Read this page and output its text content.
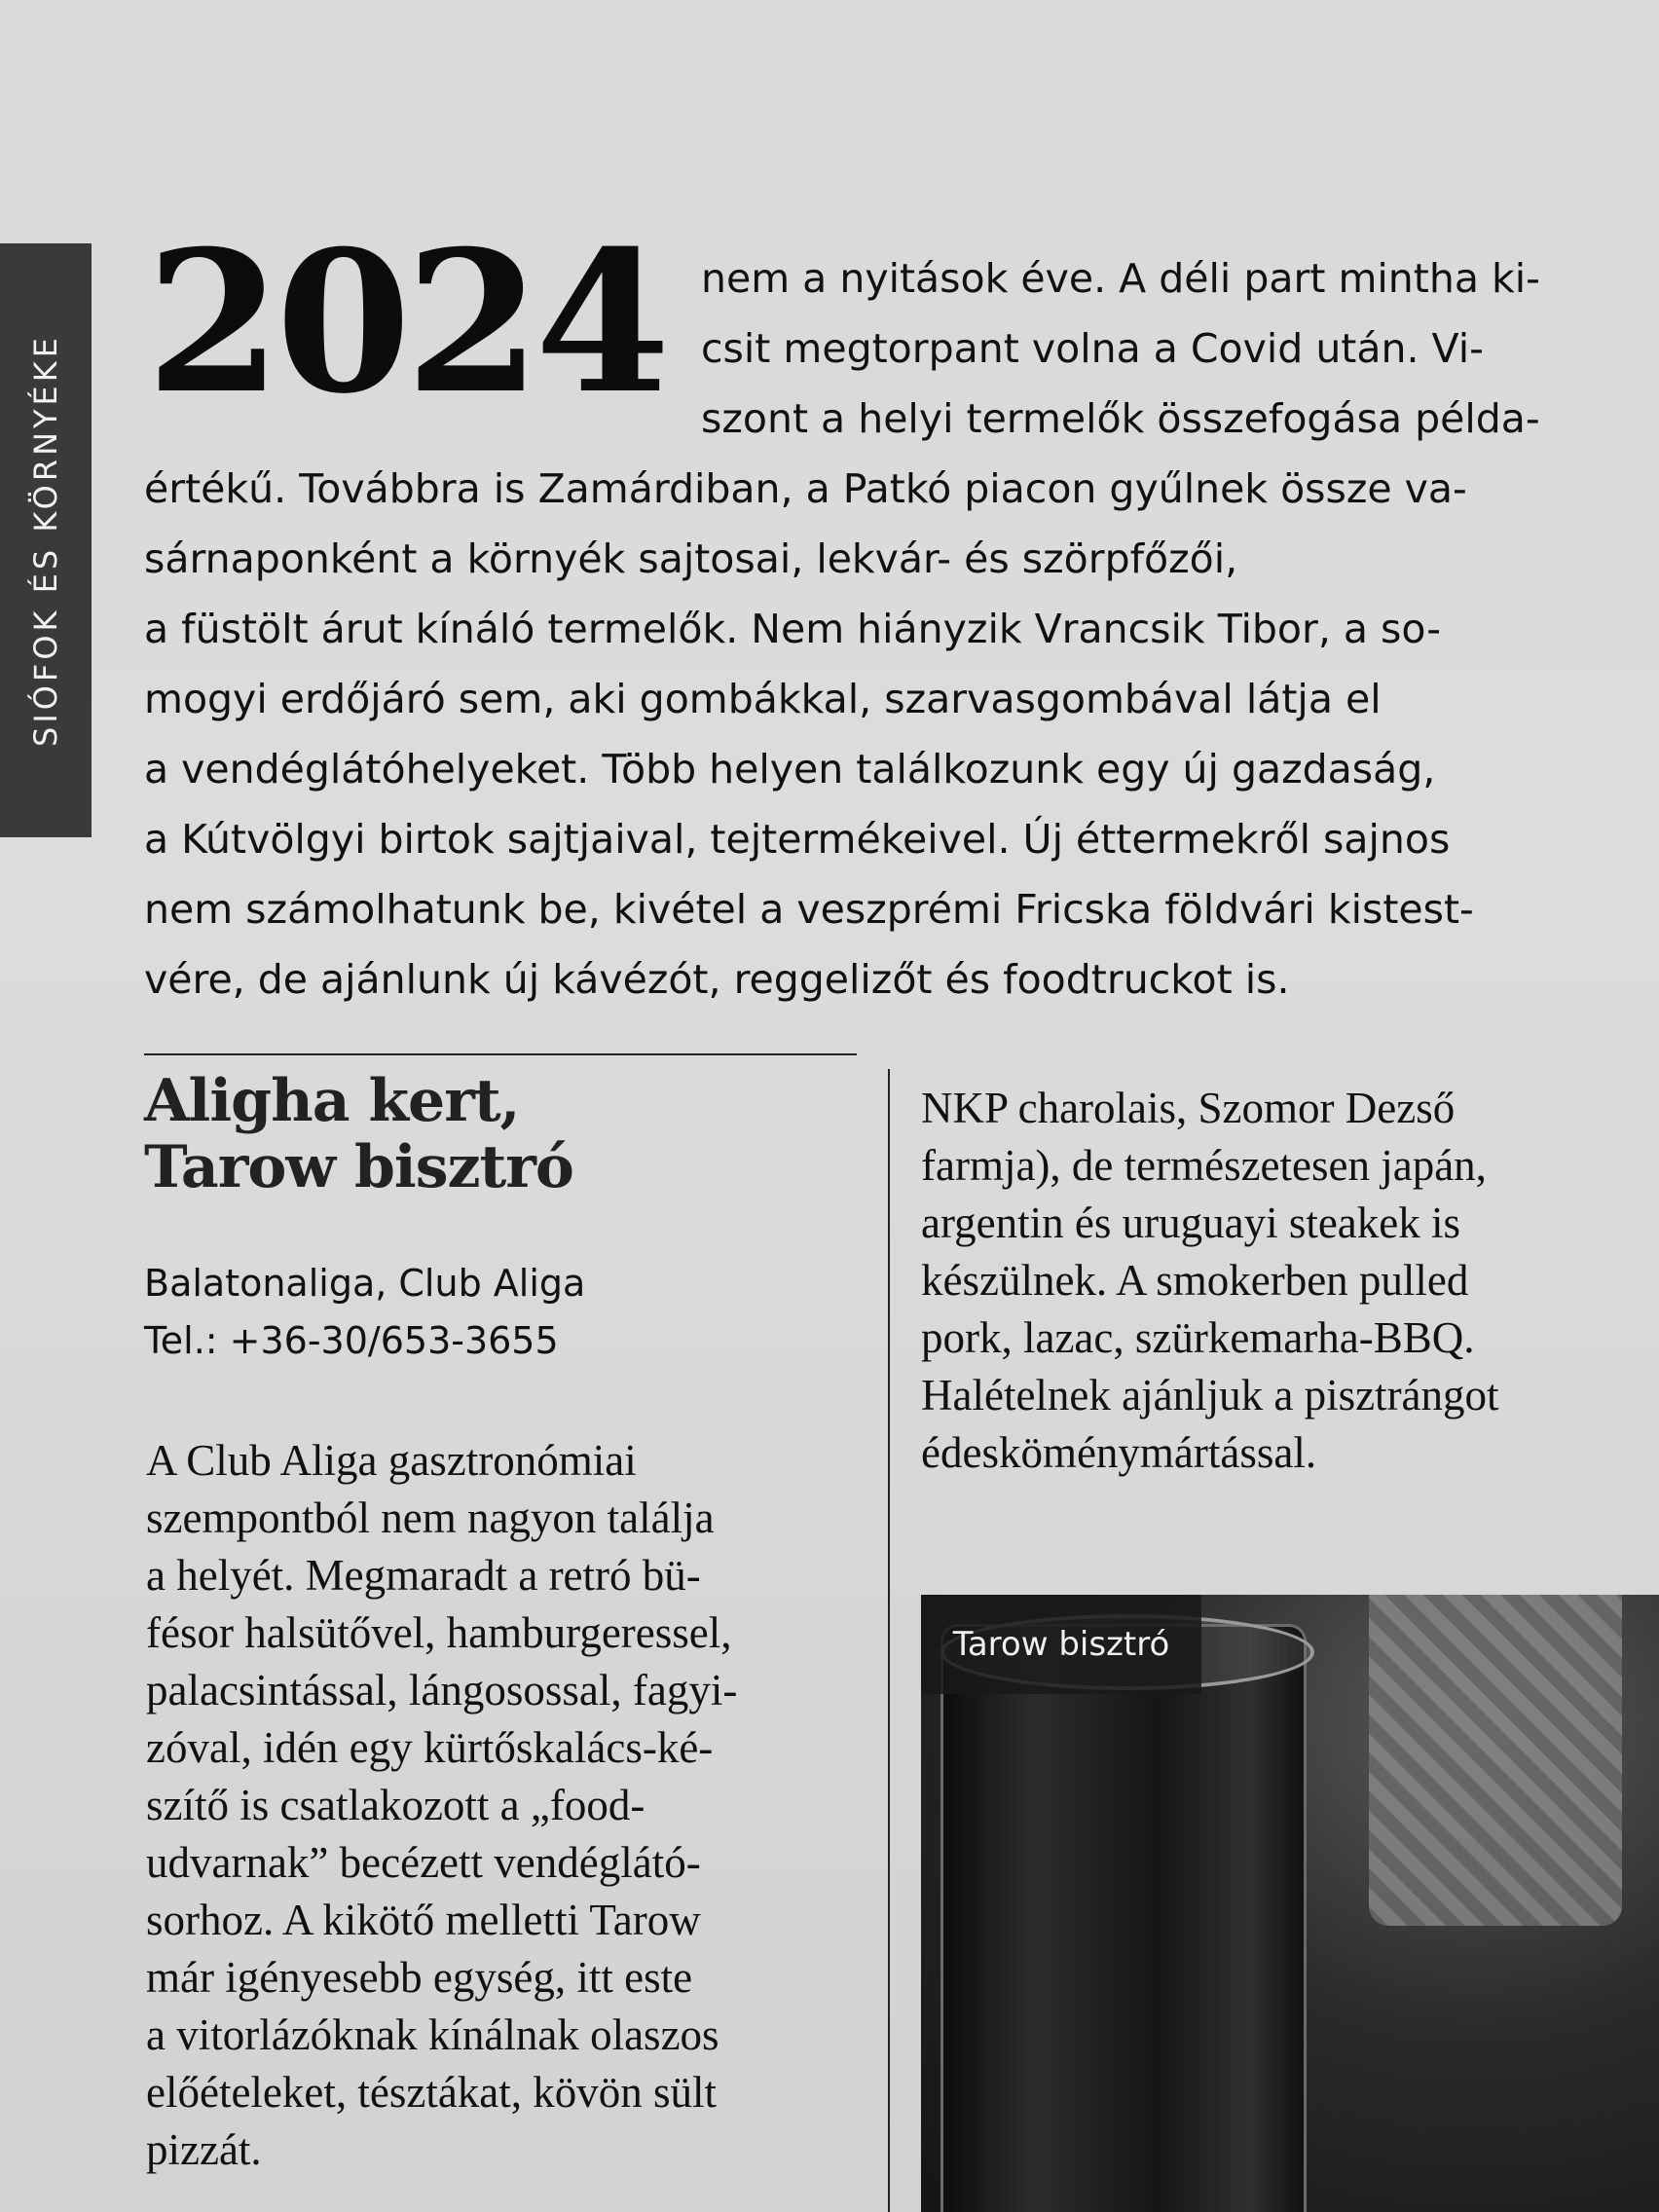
SIÓFOK ÉS KÖRNYÉKE
2024 nem a nyitások éve. A déli part mintha ki-
csit megtorpant volna a Covid után. Vi-
szont a helyi termelők összefogása példa-
értékű. Továbbra is Zamárdiban, a Patkó piacon gyűlnek össze va-
sárnaponként a környék sajtosai, lekvár- és szörpfőzői,
a füstölt árut kínáló termelők. Nem hiányzik Vrancsik Tibor, a so-
mogyi erdőjáró sem, aki gombákkal, szarvasgombával látja el
a vendéglátóhelyeket. Több helyen találkozunk egy új gazdaság,
a Kútvölgyi birtok sajtjaival, tejtermékeivel. Új éttermekről sajnos
nem számolhatunk be, kivétel a veszprémi Fricska földvári kistest-
vére, de ajánlunk új kávézót, reggelizőt és foodtruckot is.
Aligha kert,
Tarow bisztró
Balatonaliga, Club Aliga
Tel.: +36-30/653-3655
A Club Aliga gasztronómiai
szempontból nem nagyon találja
a helyét. Megmaradt a retró bü-
fésor halsütővel, hamburgeressel,
palacsintással, lángosossal, fagyi-
zóval, idén egy kürtőskalács-ké-
szítő is csatlakozott a „food-
udvarnak” becézett vendéglátó-
sorhoz. A kikötő melletti Tarow
már igényesebb egység, itt este
a vitorlázóknak kínálnak olaszos
előételeket, tésztákat, kövön sült
pizzát.
NKP charolais, Szomor Dezső
farmja), de természetesen japán,
argentin és uruguayi steakek is
készülnek. A smokerben pulled
pork, lazac, szürkemarha-BBQ.
Halételnek ajánljuk a pisztrángot
édesköménymártással.
Tarow bisztró
